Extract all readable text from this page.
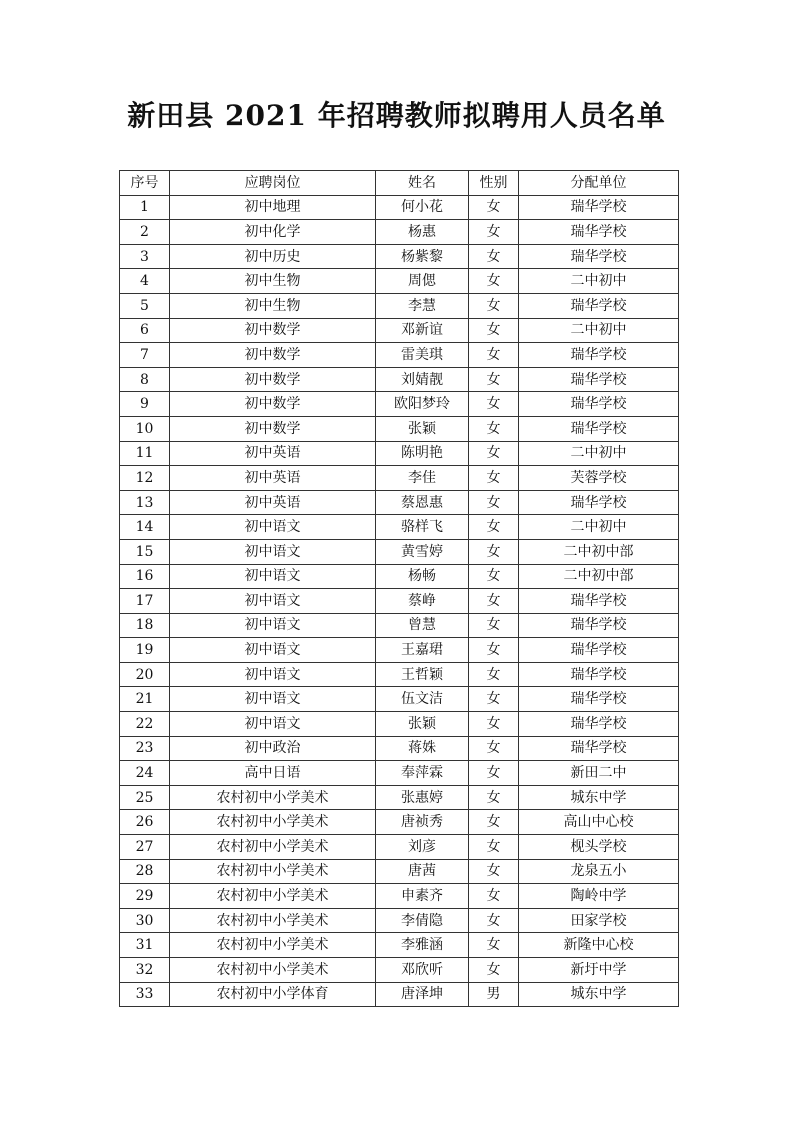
新田县 2021 年招聘教师拟聘用人员名单
序号	应聘岗位	姓名	性别	分配单位
1	初中地理	何小花	女	瑞华学校
2	初中化学	杨惠	女	瑞华学校
3	初中历史	杨紫黎	女	瑞华学校
4	初中生物	周偲	女	二中初中
5	初中生物	李慧	女	瑞华学校
6	初中数学	邓新谊	女	二中初中
7	初中数学	雷美琪	女	瑞华学校
8	初中数学	刘婧靓	女	瑞华学校
9	初中数学	欧阳梦玲	女	瑞华学校
10	初中数学	张颖	女	瑞华学校
11	初中英语	陈明艳	女	二中初中
12	初中英语	李佳	女	芙蓉学校
13	初中英语	蔡恩惠	女	瑞华学校
14	初中语文	骆样飞	女	二中初中
15	初中语文	黄雪婷	女	二中初中部
16	初中语文	杨畅	女	二中初中部
17	初中语文	蔡峥	女	瑞华学校
18	初中语文	曾慧	女	瑞华学校
19	初中语文	王嘉珺	女	瑞华学校
20	初中语文	王哲颖	女	瑞华学校
21	初中语文	伍文洁	女	瑞华学校
22	初中语文	张颖	女	瑞华学校
23	初中政治	蒋姝	女	瑞华学校
24	高中日语	奉萍霖	女	新田二中
25	农村初中小学美术	张惠婷	女	城东中学
26	农村初中小学美术	唐祯秀	女	高山中心校
27	农村初中小学美术	刘彦	女	枧头学校
28	农村初中小学美术	唐茜	女	龙泉五小
29	农村初中小学美术	申素齐	女	陶岭中学
30	农村初中小学美术	李倩隐	女	田家学校
31	农村初中小学美术	李雅涵	女	新隆中心校
32	农村初中小学美术	邓欣听	女	新圩中学
33	农村初中小学体育	唐泽坤	男	城东中学
